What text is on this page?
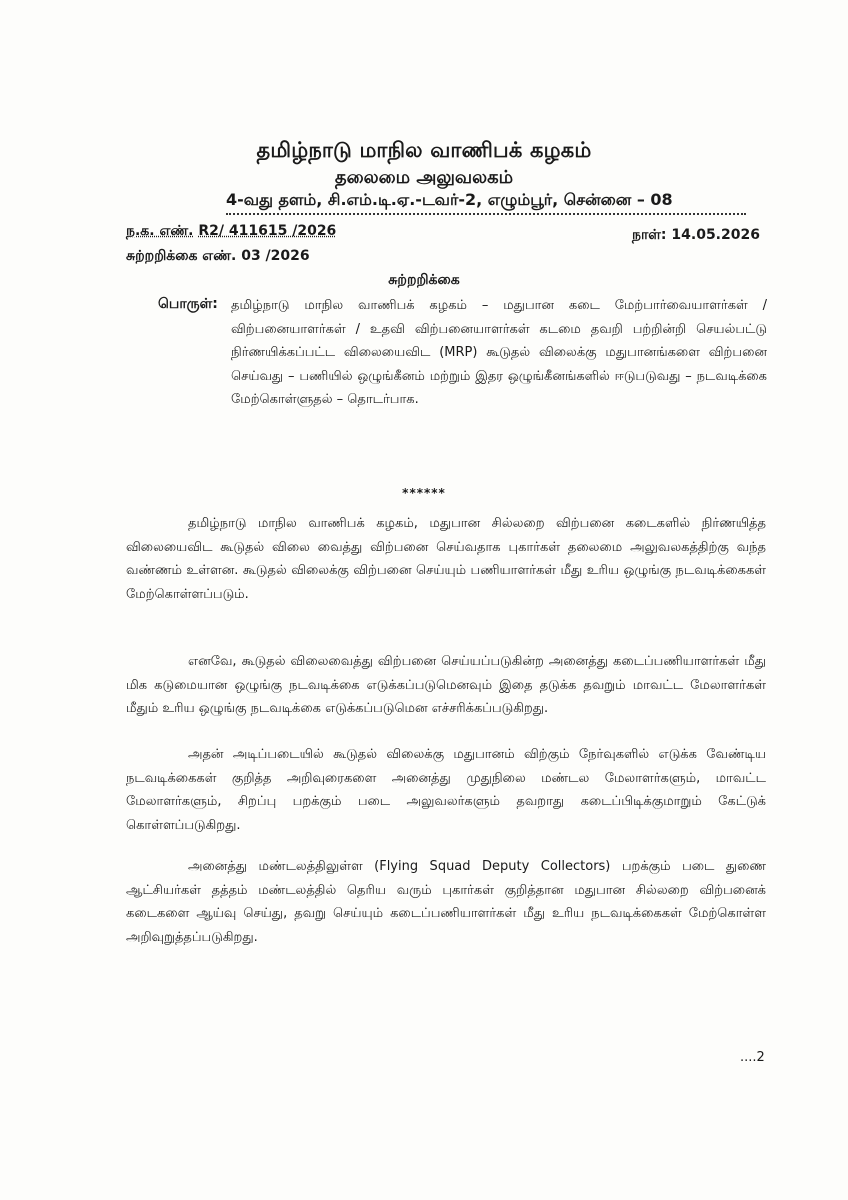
தமிழ்நாடு மாநில வாணிபக் கழகம்
தலைமை அலுவலகம்
4-வது தளம், சி.எம்.டி.ஏ.-டவர்-2, எழும்பூர், சென்னை – 08
ந.க. எண். R2/ 411615 /2026	நாள்: 14.05.2026
சுற்றறிக்கை எண். 03 /2026
சுற்றறிக்கை
பொருள்: தமிழ்நாடு மாநில வாணிபக் கழகம் – மதுபான கடை மேற்பார்வையாளர்கள் / விற்பனையாளர்கள் / உதவி விற்பனையாளர்கள் கடமை தவறி பற்றின்றி செயல்பட்டு நிர்ணயிக்கப்பட்ட விலையைவிட (MRP) கூடுதல் விலைக்கு மதுபானங்களை விற்பனை செய்வது – பணியில் ஒழுங்கீனம் மற்றும் இதர ஒழுங்கீனங்களில் ஈடுபடுவது – நடவடிக்கை மேற்கொள்ளுதல் – தொடர்பாக.
******
தமிழ்நாடு மாநில வாணிபக் கழகம், மதுபான சில்லறை விற்பனை கடைகளில் நிர்ணயித்த விலையைவிட கூடுதல் விலை வைத்து விற்பனை செய்வதாக புகார்கள் தலைமை அலுவலகத்திற்கு வந்த வண்ணம் உள்ளன. கூடுதல் விலைக்கு விற்பனை செய்யும் பணியாளர்கள் மீது உரிய ஒழுங்கு நடவடிக்கைகள் மேற்கொள்ளப்படும்.
எனவே, கூடுதல் விலைவைத்து விற்பனை செய்யப்படுகின்ற அனைத்து கடைப்பணியாளர்கள் மீது மிக கடுமையான ஒழுங்கு நடவடிக்கை எடுக்கப்படுமெனவும் இதை தடுக்க தவறும் மாவட்ட மேலாளர்கள் மீதும் உரிய ஒழுங்கு நடவடிக்கை எடுக்கப்படுமென எச்சரிக்கப்படுகிறது.
அதன் அடிப்படையில் கூடுதல் விலைக்கு மதுபானம் விற்கும் நேர்வுகளில் எடுக்க வேண்டிய நடவடிக்கைகள் குறித்த அறிவுரைகளை அனைத்து முதுநிலை மண்டல மேலாளர்களும், மாவட்ட மேலாளர்களும், சிறப்பு பறக்கும் படை அலுவலர்களும் தவறாது கடைப்பிடிக்குமாறும் கேட்டுக் கொள்ளப்படுகிறது.
அனைத்து மண்டலத்திலுள்ள (Flying Squad Deputy Collectors) பறக்கும் படை துணை ஆட்சியர்கள் தத்தம் மண்டலத்தில் தெரிய வரும் புகார்கள் குறித்தான மதுபான சில்லறை விற்பனைக் கடைகளை ஆய்வு செய்து, தவறு செய்யும் கடைப்பணியாளர்கள் மீது உரிய நடவடிக்கைகள் மேற்கொள்ள அறிவுறுத்தப்படுகிறது.
....2
